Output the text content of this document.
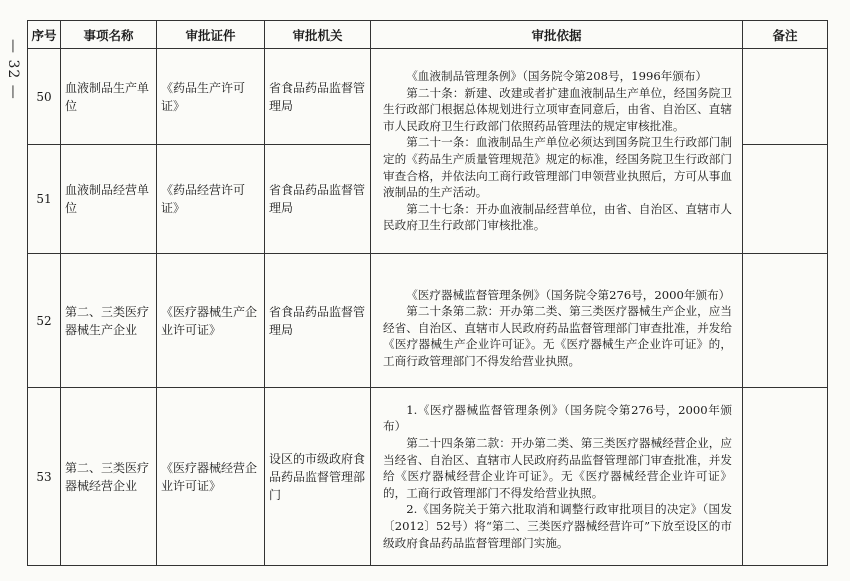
— 32 —
序号	事项名称	审批证件	审批机关	审批依据	备注
50	血液制品生产单位	《药品生产许可证》	省食品药品监督管理局	《血液制品管理条例》（国务院令第208号，1996年颁布）

第二十条：新建、改建或者扩建血液制品生产单位，经国务院卫生行政部门根据总体规划进行立项审查同意后，由省、自治区、直辖市人民政府卫生行政部门依照药品管理法的规定审核批准。

第二十一条：血液制品生产单位必须达到国务院卫生行政部门制定的《药品生产质量管理规范》规定的标准，经国务院卫生行政部门审查合格，并依法向工商行政管理部门申领营业执照后，方可从事血液制品的生产活动。

第二十七条：开办血液制品经营单位，由省、自治区、直辖市人民政府卫生行政部门审核批准。	

51	血液制品经营单位	《药品经营许可证》	省食品药品监督管理局		
52	第二、三类医疗器械生产企业	《医疗器械生产企业许可证》	省食品药品监督管理局	《医疗器械监督管理条例》（国务院令第276号，2000年颁布）

第二十条第二款：开办第二类、第三类医疗器械生产企业，应当经省、自治区、直辖市人民政府药品监督管理部门审查批准，并发给《医疗器械生产企业许可证》。无《医疗器械生产企业许可证》的，工商行政管理部门不得发给营业执照。	

53	第二、三类医疗器械经营企业	《医疗器械经营企业许可证》	设区的市级政府食品药品监督管理部门	1.《医疗器械监督管理条例》（国务院令第276号，2000年颁布）

第二十四条第二款：开办第二类、第三类医疗器械经营企业，应当经省、自治区、直辖市人民政府药品监督管理部门审查批准，并发给《医疗器械经营企业许可证》。无《医疗器械经营企业许可证》的，工商行政管理部门不得发给营业执照。

2.《国务院关于第六批取消和调整行政审批项目的决定》（国发〔2012〕52号）将“第二、三类医疗器械经营许可”下放至设区的市级政府食品药品监督管理部门实施。	
